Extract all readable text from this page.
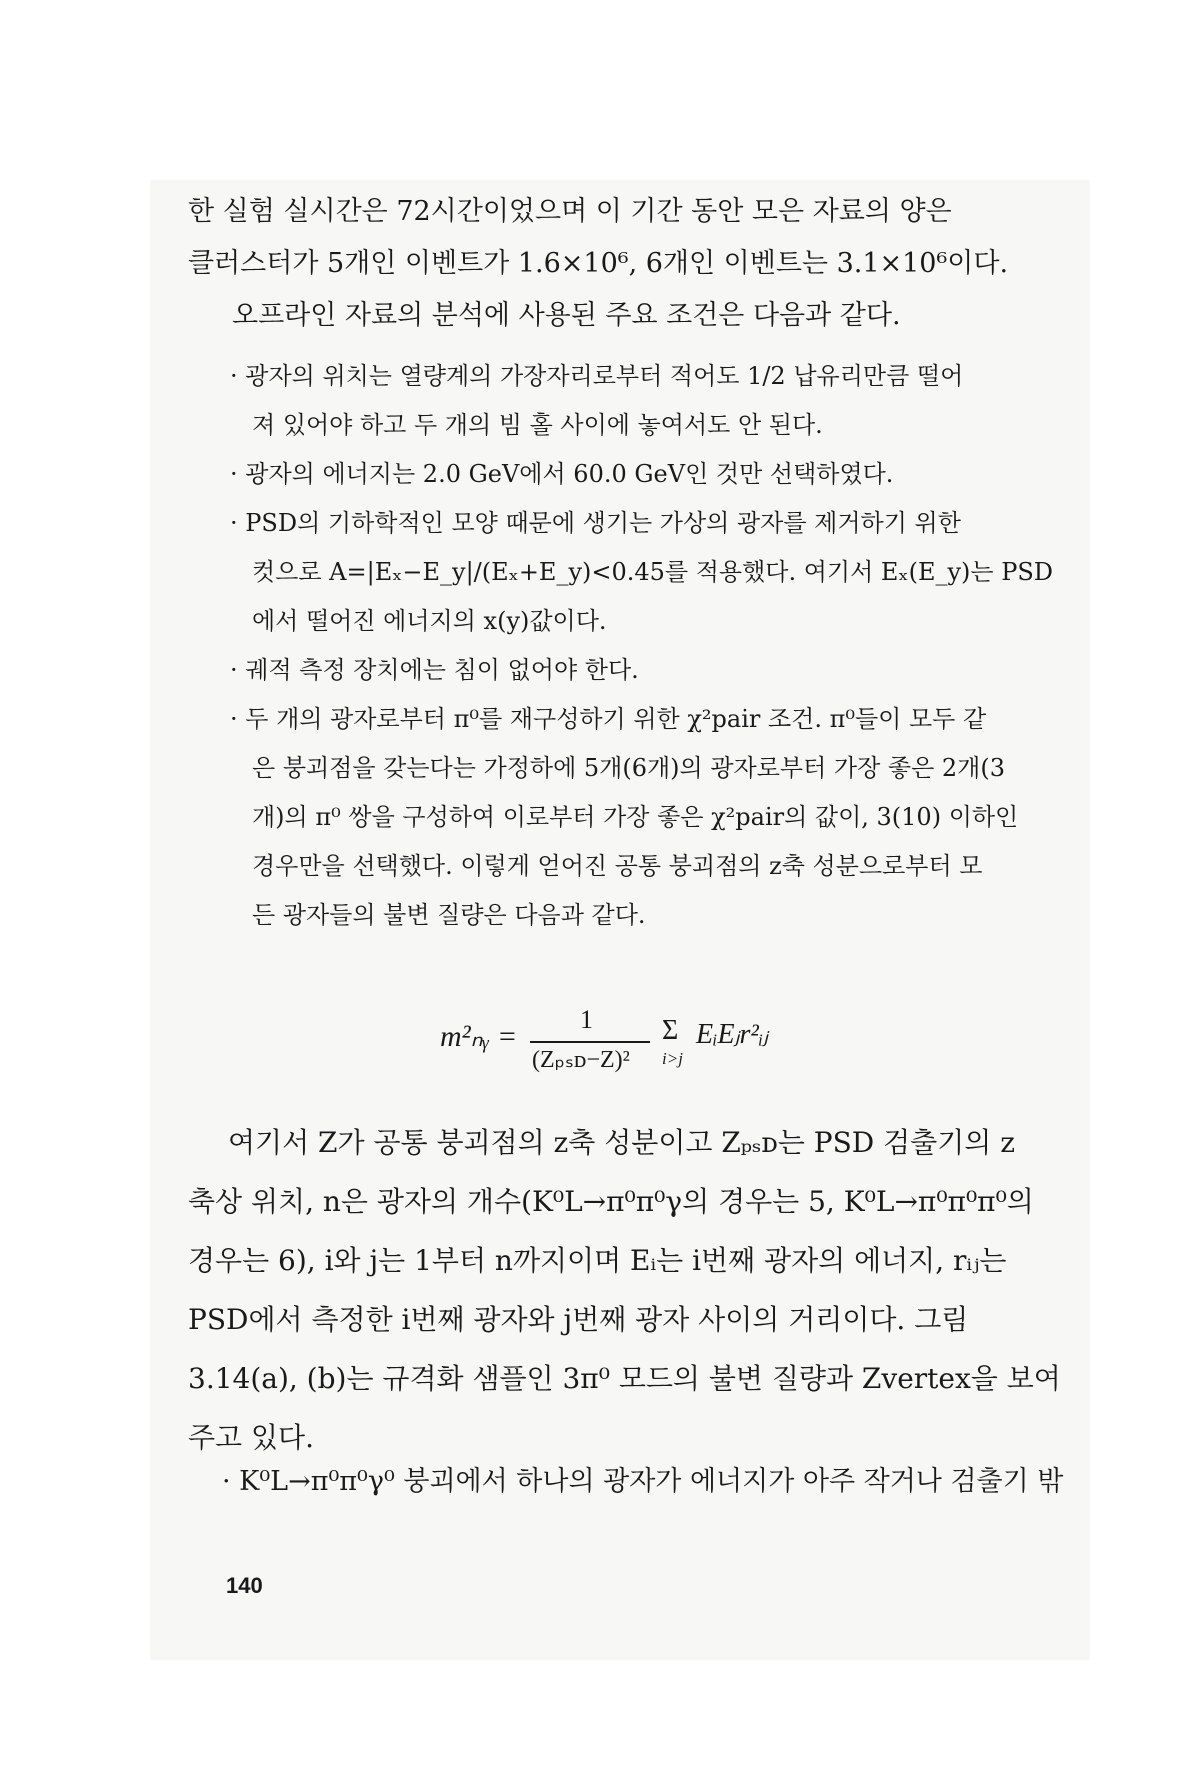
한 실험 실시간은 72시간이었으며 이 기간 동안 모은 자료의 양은
클러스터가 5개인 이벤트가 1.6×10⁶, 6개인 이벤트는 3.1×10⁶이다.
오프라인 자료의 분석에 사용된 주요 조건은 다음과 같다.
· 광자의 위치는 열량계의 가장자리로부터 적어도 1/2 납유리만큼 떨어
져 있어야 하고 두 개의 빔 홀 사이에 놓여서도 안 된다.
· 광자의 에너지는 2.0 GeV에서 60.0 GeV인 것만 선택하였다.
· PSD의 기하학적인 모양 때문에 생기는 가상의 광자를 제거하기 위한
컷으로 A=|Eₓ−E_y|/(Eₓ+E_y)<0.45를 적용했다. 여기서 Eₓ(E_y)는 PSD
에서 떨어진 에너지의 x(y)값이다.
· 궤적 측정 장치에는 침이 없어야 한다.
· 두 개의 광자로부터 π⁰를 재구성하기 위한 χ²pair 조건. π⁰들이 모두 같
은 붕괴점을 갖는다는 가정하에 5개(6개)의 광자로부터 가장 좋은 2개(3
개)의 π⁰ 쌍을 구성하여 이로부터 가장 좋은 χ²pair의 값이, 3(10) 이하인
경우만을 선택했다. 이렇게 얻어진 공통 붕괴점의 z축 성분으로부터 모
든 광자들의 불변 질량은 다음과 같다.
m²ₙᵧ =
1
(Zₚₛᴅ−Z)²
Σ
i>j
EᵢEⱼr²ᵢⱼ
여기서 Z가 공통 붕괴점의 z축 성분이고 Zₚₛᴅ는 PSD 검출기의 z
축상 위치, n은 광자의 개수(K⁰L→π⁰π⁰γ의 경우는 5, K⁰L→π⁰π⁰π⁰의
경우는 6), i와 j는 1부터 n까지이며 Eᵢ는 i번째 광자의 에너지, rᵢⱼ는
PSD에서 측정한 i번째 광자와 j번째 광자 사이의 거리이다. 그림
3.14(a), (b)는 규격화 샘플인 3π⁰ 모드의 불변 질량과 Zvertex을 보여
주고 있다.
· K⁰L→π⁰π⁰γ⁰ 붕괴에서 하나의 광자가 에너지가 아주 작거나 검출기 밖
140
